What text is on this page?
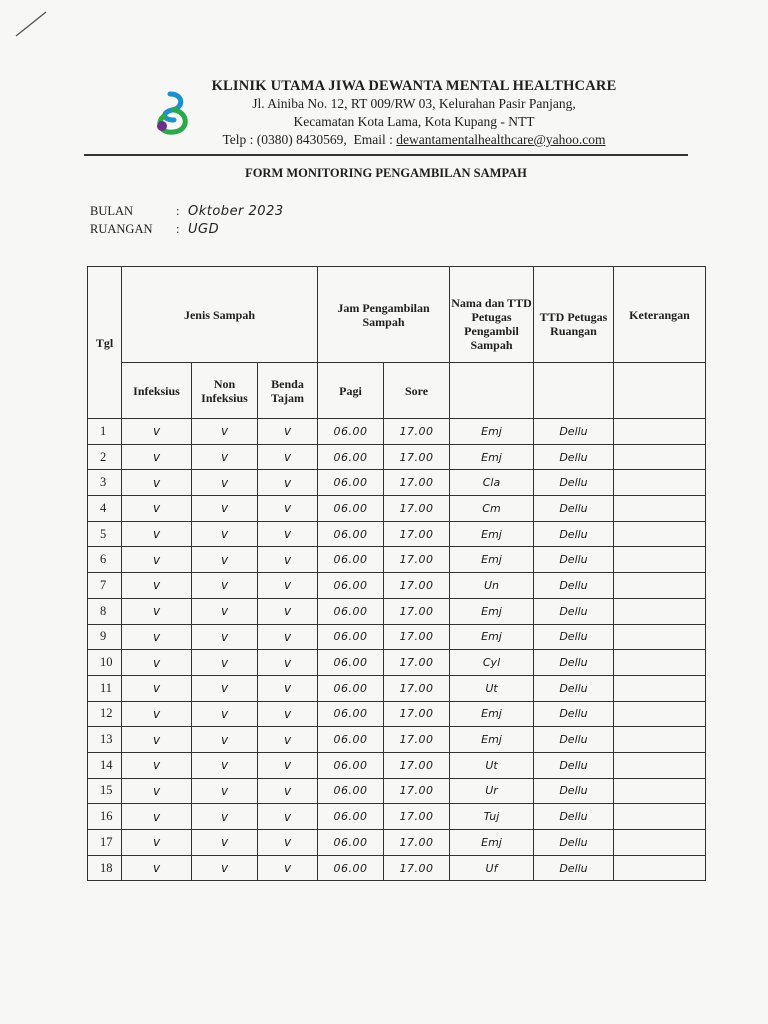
KLINIK UTAMA JIWA DEWANTA MENTAL HEALTHCARE
Jl. Ainiba No. 12, RT 009/RW 03, Kelurahan Pasir Panjang,
Kecamatan Kota Lama, Kota Kupang - NTT
Telp : (0380) 8430569, Email : dewantamentalhealthcare@yahoo.com
FORM MONITORING PENGAMBILAN SAMPAH
BULAN	: Oktober 2023
RUANGAN : UGD
Tgl	Jenis Sampah			Jam Pengambilan Sampah		Nama dan TTD Petugas Pengambil Sampah	TTD Petugas Ruangan	Keterangan
	Infeksius	Non Infeksius	Benda Tajam	Pagi	Sore			
1	v	v	v	06.00	17.00	Emj	Dellu	
2	v	v	v	06.00	17.00	Emj	Dellu	
3	v	v	v	06.00	17.00	Cla	Dellu	
4	v	v	v	06.00	17.00	Cm	Dellu	
5	v	v	v	06.00	17.00	Emj	Dellu	
6	v	v	v	06.00	17.00	Emj	Dellu	
7	v	v	v	06.00	17.00	Un	Dellu	
8	v	v	v	06.00	17.00	Emj	Dellu	
9	v	v	v	06.00	17.00	Emj	Dellu	
10	v	v	v	06.00	17.00	Cyl	Dellu	
11	v	v	v	06.00	17.00	Ut	Dellu	
12	v	v	v	06.00	17.00	Emj	Dellu	
13	v	v	v	06.00	17.00	Emj	Dellu	
14	v	v	v	06.00	17.00	Ut	Dellu	
15	v	v	v	06.00	17.00	Ur	Dellu	
16	v	v	v	06.00	17.00	Tuj	Dellu	
17	v	v	v	06.00	17.00	Emj	Dellu	
18	v	v	v	06.00	17.00	Uf	Dellu	
